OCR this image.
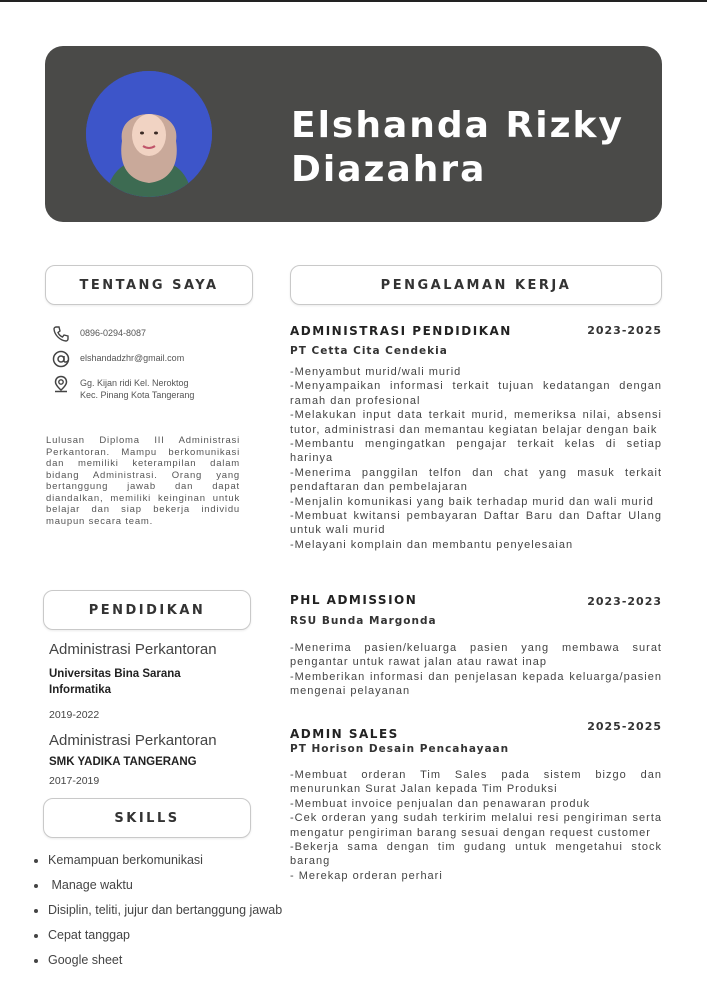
Elshanda Rizky
Diazahra
TENTANG SAYA
0896-0294-8087
elshandadzhr@gmail.com
Gg. Kijan ridi Kel. Neroktog Kec. Pinang Kota Tangerang
Lulusan Diploma III Administrasi Perkantoran. Mampu berkomunikasi dan memiliki keterampilan dalam bidang Administrasi. Orang yang bertanggung jawab dan dapat diandalkan, memiliki keinginan untuk belajar dan siap bekerja individu maupun secara team.
PENDIDIKAN
Administrasi Perkantoran
Universitas Bina Sarana Informatika
2019-2022
Administrasi Perkantoran
SMK YADIKA TANGERANG
2017-2019
SKILLS
• Kemampuan berkomunikasi
•  Manage waktu
• Disiplin, teliti, jujur dan bertanggung jawab
• Cepat tanggap
• Google sheet
PENGALAMAN KERJA
ADMINISTRASI PENDIDIKAN	2023-2025
PT Cetta Cita Cendekia
-Menyambut murid/wali murid
-Menyampaikan informasi terkait tujuan kedatangan dengan ramah dan profesional
-Melakukan input data terkait murid, memeriksa nilai, absensi tutor, administrasi dan memantau kegiatan belajar dengan baik
-Membantu mengingatkan pengajar terkait kelas di setiap harinya
-Menerima panggilan telfon dan chat yang masuk terkait pendaftaran dan pembelajaran
-Menjalin komunikasi yang baik terhadap murid dan wali murid
-Membuat kwitansi pembayaran Daftar Baru dan Daftar Ulang untuk wali murid
-Melayani komplain dan membantu penyelesaian
PHL ADMISSION	2023-2023
RSU Bunda Margonda
-Menerima pasien/keluarga pasien yang membawa surat pengantar untuk rawat jalan atau rawat inap
-Memberikan informasi dan penjelasan kepada keluarga/pasien mengenai pelayanan
ADMIN SALES
2025-2025
PT Horison Desain Pencahayaan
-Membuat orderan Tim Sales pada sistem bizgo dan menurunkan Surat Jalan kepada Tim Produksi
-Membuat invoice penjualan dan penawaran produk
-Cek orderan yang sudah terkirim melalui resi pengiriman serta mengatur pengiriman barang sesuai dengan request customer
-Bekerja sama dengan tim gudang untuk mengetahui stock barang
- Merekap orderan perhari
